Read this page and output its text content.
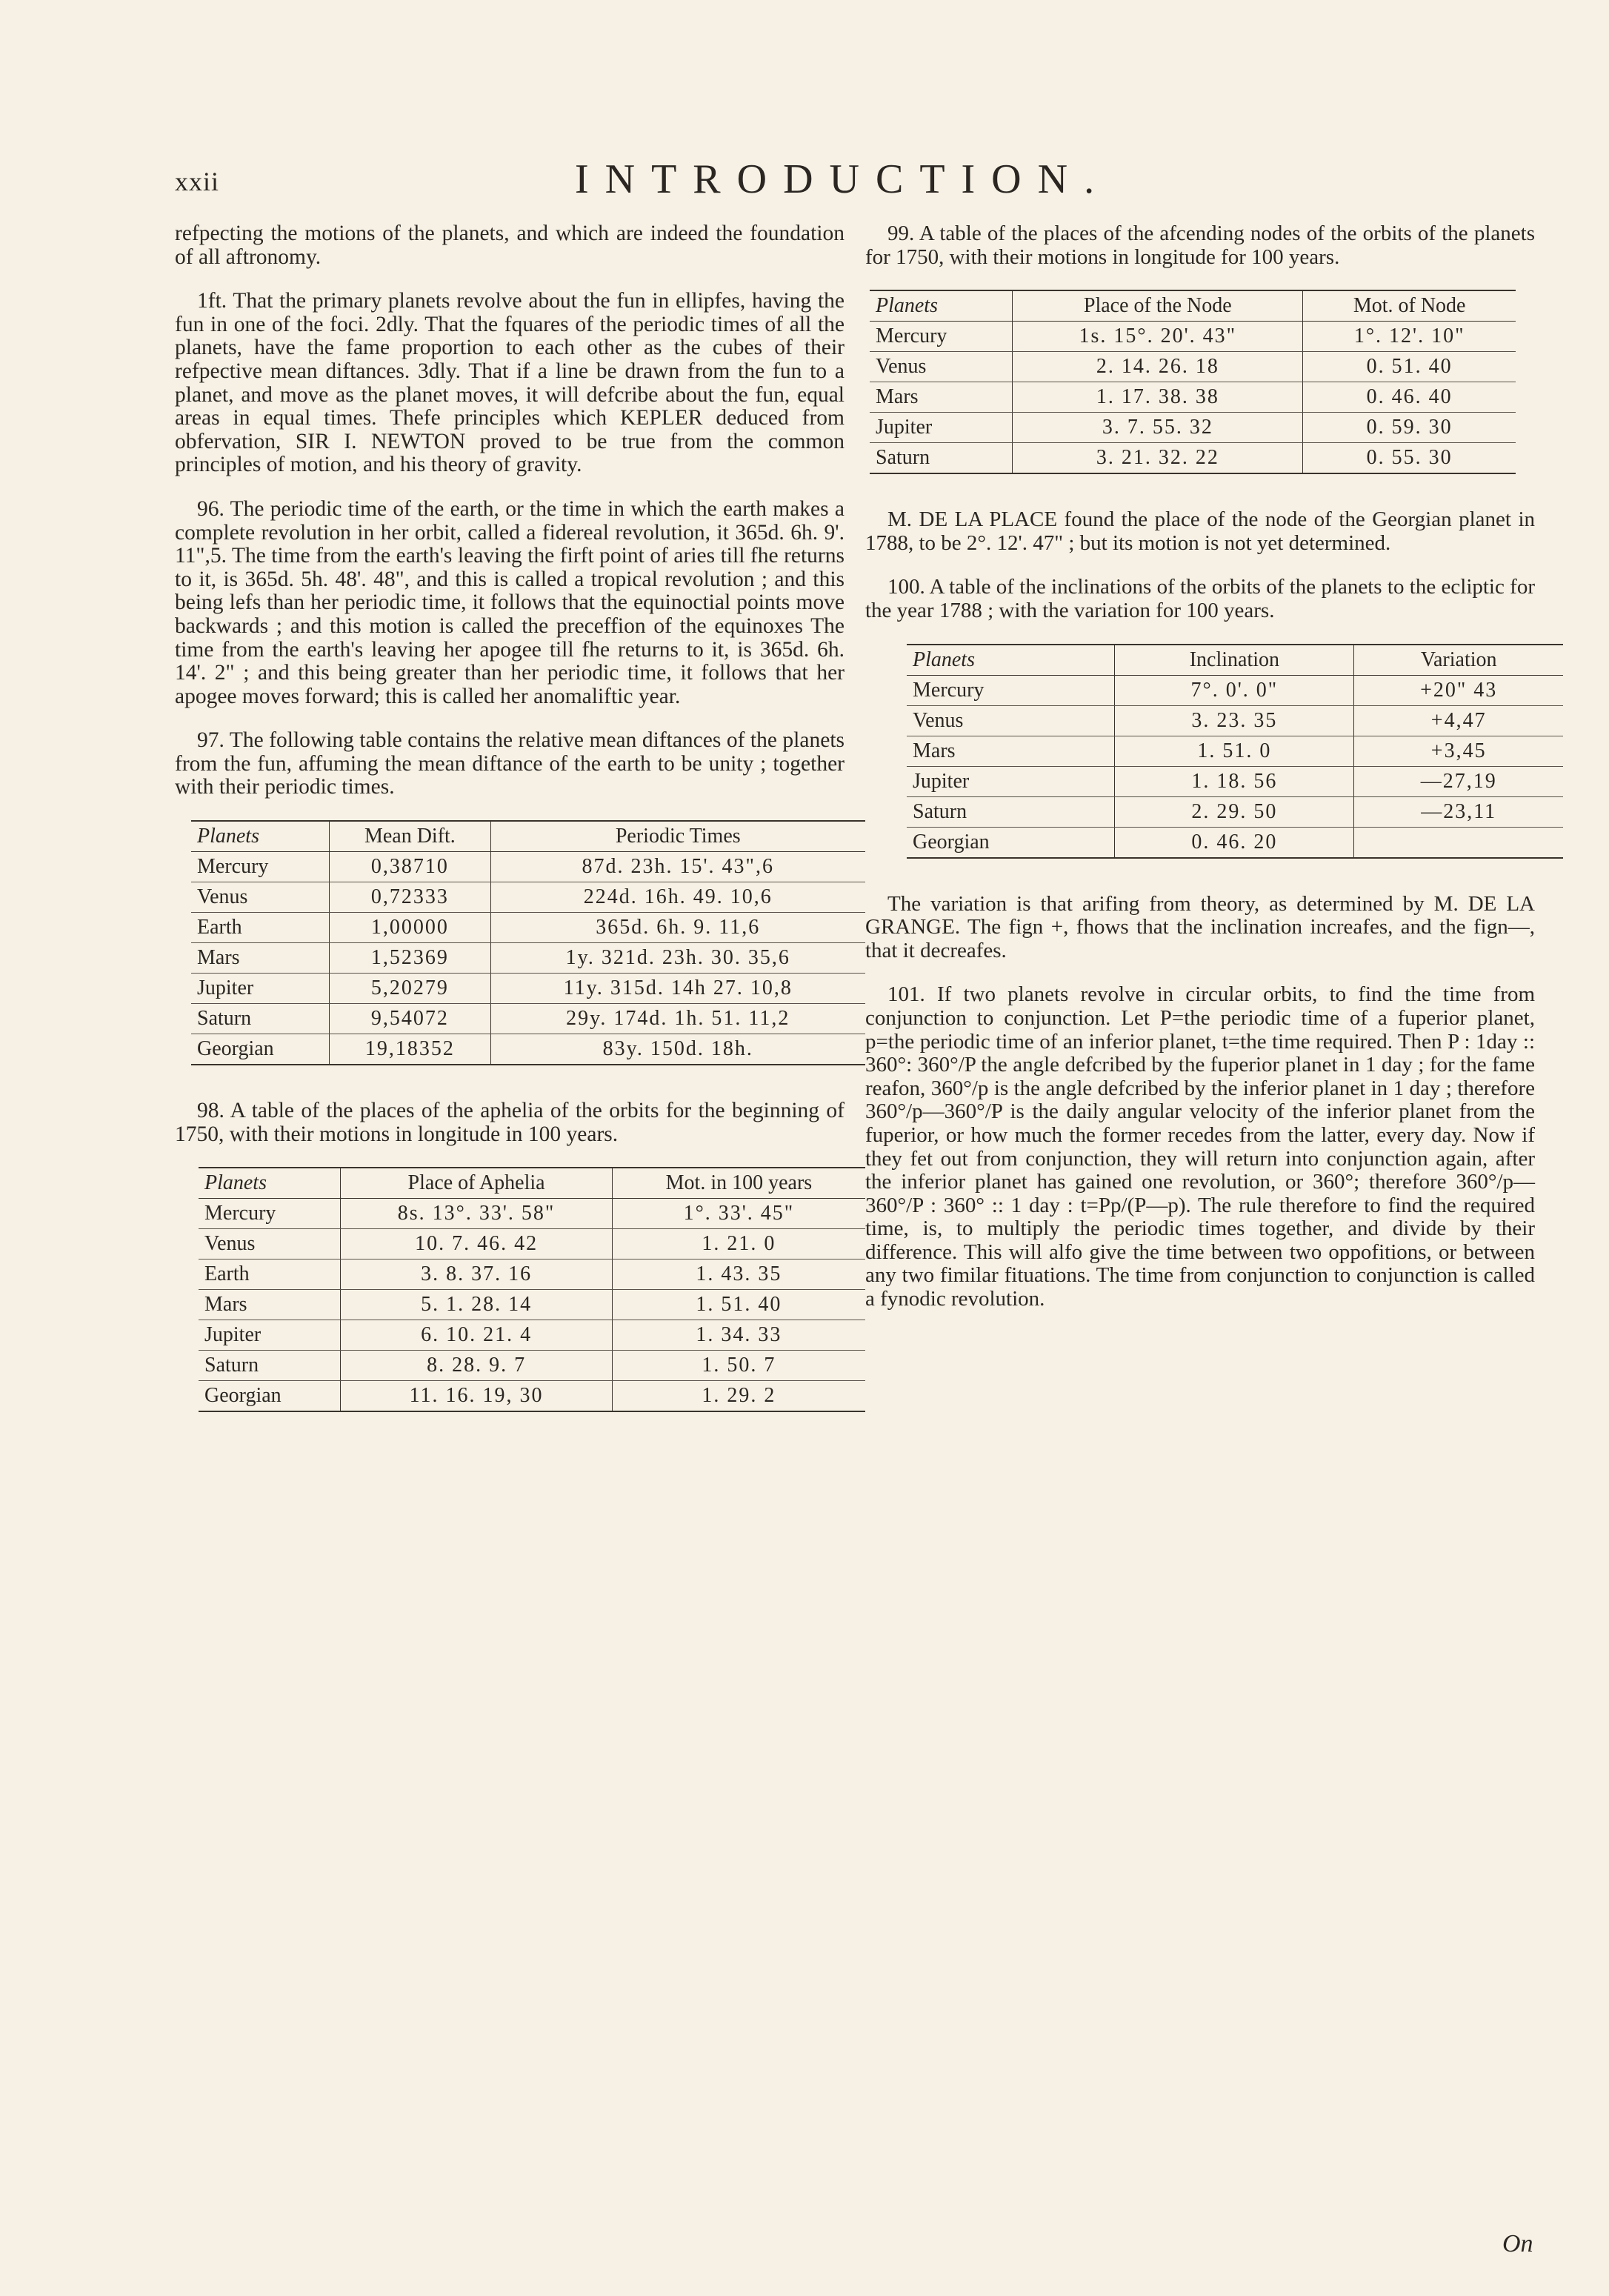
xxii	INTRODUCTION.

refpecting the motions of the planets, and which are indeed the foundation of all aftronomy.

1ft. That the primary planets revolve about the fun in ellipfes, having the fun in one of the foci. 2dly. That the fquares of the periodic times of all the planets, have the fame proportion to each other as the cubes of their refpective mean diftances. 3dly. That if a line be drawn from the fun to a planet, and move as the planet moves, it will defcribe about the fun, equal areas in equal times. Thefe principles which KEPLER deduced from obfervation, SIR I. NEWTON proved to be true from the common principles of motion, and his theory of gravity.

96. The periodic time of the earth, or the time in which the earth makes a complete revolution in her orbit, called a fidereal revolution, it 365d. 6h. 9'. 11",5. The time from the earth's leaving the firft point of aries till fhe returns to it, is 365d. 5h. 48'. 48", and this is called a tropical revolution ; and this being lefs than her periodic time, it follows that the equinoctial points move backwards ; and this motion is called the preceffion of the equinoxes The time from the earth's leaving her apogee till fhe returns to it, is 365d. 6h. 14'. 2" ; and this being greater than her periodic time, it follows that her apogee moves forward; this is called her anomaliftic year.

97. The following table contains the relative mean diftances of the planets from the fun, affuming the mean diftance of the earth to be unity ; together with their periodic times.

Planets	Mean Dift.	Periodic Times
Mercury	0,38710	87d. 23h. 15'. 43",6
Venus	0,72333	224d. 16h. 49. 10,6
Earth	1,00000	365d. 6h. 9. 11,6
Mars	1,52369	1y. 321d. 23h. 30. 35,6
Jupiter	5,20279	11y. 315d. 14h 27. 10,8
Saturn	9,54072	29y. 174d. 1h. 51. 11,2
Georgian	19,18352	83y. 150d. 18h.

98. A table of the places of the aphelia of the orbits for the beginning of 1750, with their motions in longitude in 100 years.

Planets	Place of Aphelia	Mot. in 100 years
Mercury	8s. 13°. 33'. 58"	1°. 33'. 45"
Venus	10. 7. 46. 42	1. 21. 0
Earth	3. 8. 37. 16	1. 43. 35
Mars	5. 1. 28. 14	1. 51. 40
Jupiter	6. 10. 21. 4	1. 34. 33
Saturn	8. 28. 9. 7	1. 50. 7
Georgian	11. 16. 19, 30	1. 29. 2

99. A table of the places of the afcending nodes of the orbits of the planets for 1750, with their motions in longitude for 100 years.

Planets	Place of the Node	Mot. of Node
Mercury	1s. 15°. 20'. 43"	1°. 12'. 10"
Venus	2. 14. 26. 18	0. 51. 40
Mars	1. 17. 38. 38	0. 46. 40
Jupiter	3. 7. 55. 32	0. 59. 30
Saturn	3. 21. 32. 22	0. 55. 30

M. DE LA PLACE found the place of the node of the Georgian planet in 1788, to be 2°. 12'. 47" ; but its motion is not yet determined.

100. A table of the inclinations of the orbits of the planets to the ecliptic for the year 1788 ; with the variation for 100 years.

Planets	Inclination	Variation
Mercury	7°. 0'. 0"	+20" 43
Venus	3. 23. 35	+4,47
Mars	1. 51. 0	+3,45
Jupiter	1. 18. 56	—27,19
Saturn	2. 29. 50	—23,11
Georgian	0. 46. 20	

The variation is that arifing from theory, as determined by M. DE LA GRANGE. The fign +, fhows that the inclination increafes, and the fign—, that it decreafes.

101. If two planets revolve in circular orbits, to find the time from conjunction to conjunction. Let P=the periodic time of a fuperior planet, p=the periodic time of an inferior planet, t=the time required. Then P : 1day :: 360°: 360°/P the angle defcribed by the fuperior planet in 1 day ; for the fame reafon, 360°/p is the angle defcribed by the inferior planet in 1 day ; therefore 360°/p—360°/P is the daily angular velocity of the inferior planet from the fuperior, or how much the former recedes from the latter, every day. Now if they fet out from conjunction, they will return into conjunction again, after the inferior planet has gained one revolution, or 360°; therefore 360°/p—360°/P : 360° :: 1 day : t=Pp/(P—p). The rule therefore to find the required time, is, to multiply the periodic times together, and divide by their difference. This will alfo give the time between two oppofitions, or between any two fimilar fituations. The time from conjunction to conjunction is called a fynodic revolution.

On
